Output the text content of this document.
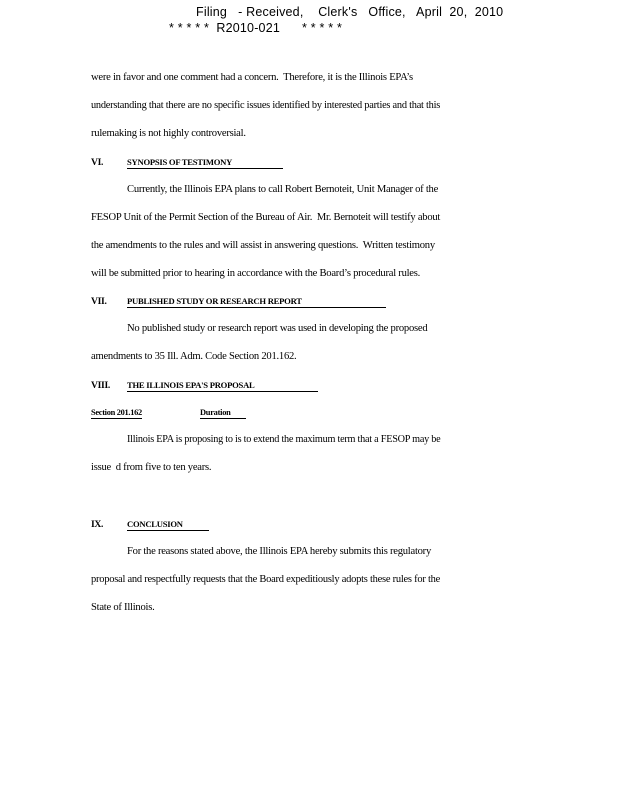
Filing   - Received,    Clerk's   Office,   April  20,  2010
* * * * *  R2010-021      * * * * *
were in favor and one comment had a concern.  Therefore, it is the Illinois EPA’s
understanding that there are no specific issues identified by interested parties and that this
rulemaking is not highly controversial.
VI.	SYNOPSIS OF TESTIMONY
Currently, the Illinois EPA plans to call Robert Bernoteit, Unit Manager of the
FESOP Unit of the Permit Section of the Bureau of Air.  Mr. Bernoteit will testify about
the amendments to the rules and will assist in answering questions.  Written testimony
will be submitted prior to hearing in accordance with the Board’s procedural rules.
VII. PUBLISHED STUDY OR RESEARCH REPORT
No published study or research report was used in developing the proposed
amendments to 35 Ill. Adm. Code Section 201.162.
VIII. THE ILLINOIS EPA'S PROPOSAL
Section 201.162	Duration
Illinois EPA is proposing to is to extend the maximum term that a FESOP may be
issue  d from five to ten years.
IX.	CONCLUSION
For the reasons stated above, the Illinois EPA hereby submits this regulatory
proposal and respectfully requests that the Board expeditiously adopts these rules for the
State of Illinois.
